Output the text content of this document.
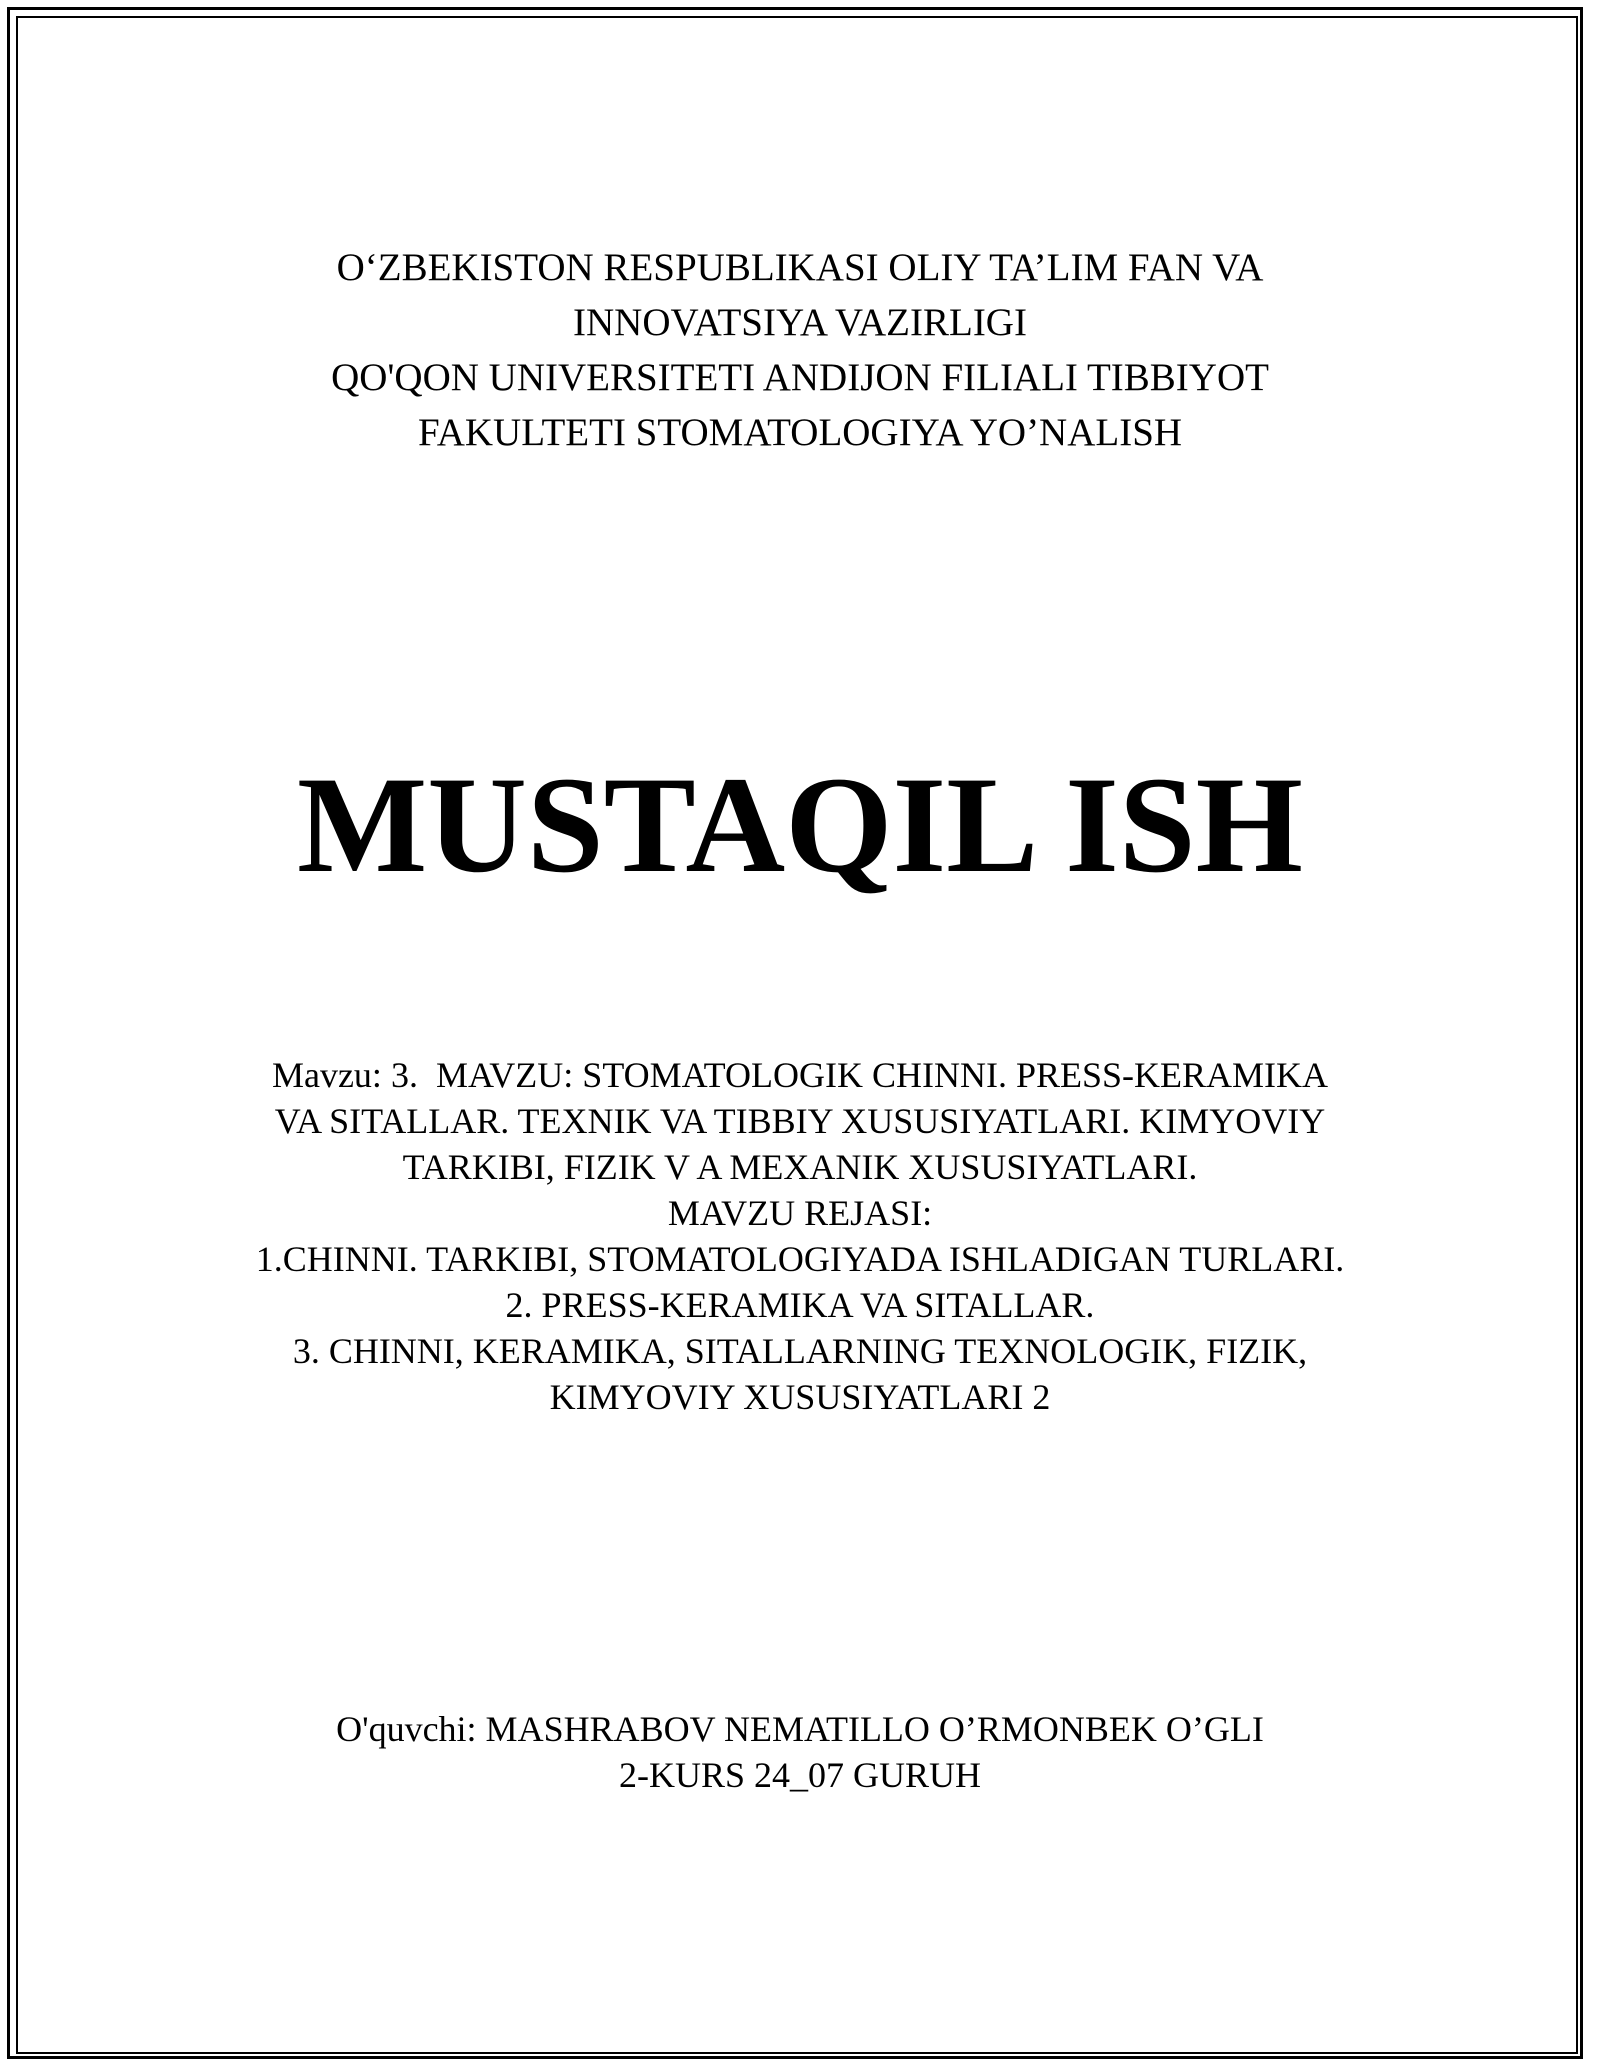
O‘ZBEKISTON RESPUBLIKASI OLIY TA’LIM FAN VA
INNOVATSIYA VAZIRLIGI
QO'QON UNIVERSITETI ANDIJON FILIALI TIBBIYOT
FAKULTETI STOMATOLOGIYA YO’NALISH
MUSTAQIL ISH
Mavzu: 3.  MAVZU: STOMATOLOGIK CHINNI. PRESS-KERAMIKA
VA SITALLAR. TEXNIK VA TIBBIY XUSUSIYATLARI. KIMYOVIY
TARKIBI, FIZIK V A MEXANIK XUSUSIYATLARI.
MAVZU REJASI:
1.CHINNI. TARKIBI, STOMATOLOGIYADA ISHLADIGAN TURLARI.
2. PRESS-KERAMIKA VA SITALLAR.
3. CHINNI, KERAMIKA, SITALLARNING TEXNOLOGIK, FIZIK,
KIMYOVIY XUSUSIYATLARI 2
O'quvchi: MASHRABOV NEMATILLO O’RMONBEK O’GLI
2-KURS 24_07 GURUH
